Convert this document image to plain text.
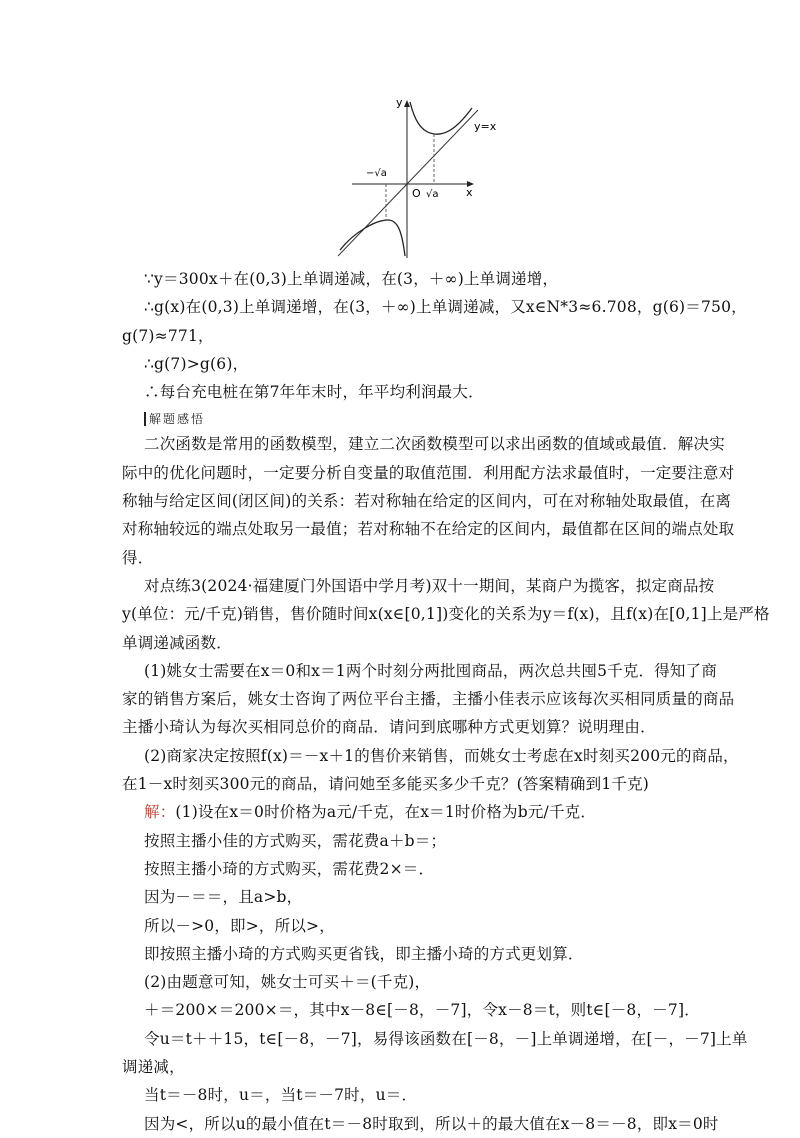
y
x
O
y=x
−√a
√a
∵y＝300x＋在(0,3)上单调递减，在(3，＋∞)上单调递增，
∴g(x)在(0,3)上单调递增，在(3，＋∞)上单调递减，又x∈N*3≈6.708，g(6)＝750，
g(7)≈771，
∴g(7)>g(6)，
∴每台充电桩在第7年年末时，年平均利润最大．
解题感悟
二次函数是常用的函数模型，建立二次函数模型可以求出函数的值域或最值．解决实
际中的优化问题时，一定要分析自变量的取值范围．利用配方法求最值时，一定要注意对
称轴与给定区间(闭区间)的关系：若对称轴在给定的区间内，可在对称轴处取最值，在离
对称轴较远的端点处取另一最值；若对称轴不在给定的区间内，最值都在区间的端点处取
得．
对点练3(2024·福建厦门外国语中学月考)双十一期间，某商户为揽客，拟定商品按
y(单位：元/千克)销售，售价随时间x(x∈[0,1])变化的关系为y＝f(x)，且f(x)在[0,1]上是严格
单调递减函数．
(1)姚女士需要在x＝0和x＝1两个时刻分两批囤商品，两次总共囤5千克．得知了商
家的销售方案后，姚女士咨询了两位平台主播，主播小佳表示应该每次买相同质量的商品
主播小琦认为每次买相同总价的商品．请问到底哪种方式更划算？说明理由．
(2)商家决定按照f(x)＝－x＋1的售价来销售，而姚女士考虑在x时刻买200元的商品，
在1－x时刻买300元的商品，请问她至多能买多少千克？(答案精确到1千克)
解：(1)设在x＝0时价格为a元/千克，在x＝1时价格为b元/千克．
按照主播小佳的方式购买，需花费a＋b＝；
按照主播小琦的方式购买，需花费2×＝．
因为－＝＝，且a>b，
所以－>0，即>，所以>，
即按照主播小琦的方式购买更省钱，即主播小琦的方式更划算．
(2)由题意可知，姚女士可买＋＝(千克)，
＋＝200×＝200×＝，其中x－8∈[－8，－7]，令x－8＝t，则t∈[－8，－7]．
令u＝t＋＋15，t∈[－8，－7]，易得该函数在[－8，－]上单调递增，在[－，－7]上单
调递减，
当t＝－8时，u＝，当t＝－7时，u＝．
因为<，所以u的最小值在t＝－8时取到，所以＋的最大值在x－8＝－8，即x＝0时
